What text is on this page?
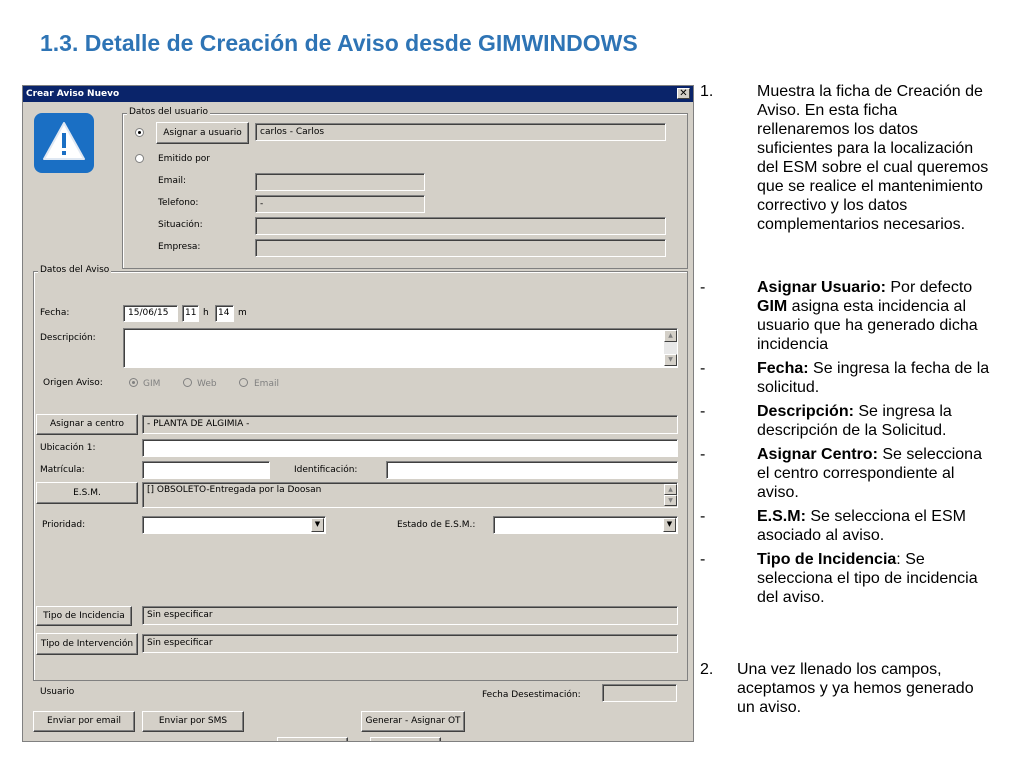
1.3. Detalle de Creación de Aviso desde GIMWINDOWS
Crear Aviso Nuevo	✕
Datos del usuario
Asignar a usuario	carlos - Carlos
Emitido por
Email:
Telefono:	-
Situación:
Empresa:
Datos del Aviso
Fecha:	15/06/15	11 h	14 m
Descripción:	▲
▼
Origen Aviso:	GIM	Web	Email
Asignar a centro	- PLANTA DE ALGIMIA -
Ubicación 1:
Matrícula:	Identificación:
E.S.M.	[] OBSOLETO-Entregada por la Doosan	▲
▼
Prioridad:	▼	Estado de E.S.M.:	▼
Tipo de Incidencia	Sin especificar
Tipo de Intervención	Sin especificar
Usuario	Fecha Desestimación:
Enviar por email	Enviar por SMS	Generar - Asignar OT
1.	Muestra la ficha de Creación de Aviso. En esta ficha rellenaremos los datos suficientes para la localización del ESM sobre el cual queremos que se realice el mantenimiento correctivo y los datos complementarios necesarios.
-	Asignar Usuario: Por defecto GIM asigna esta incidencia al usuario que ha generado dicha incidencia
-	Fecha: Se ingresa la fecha de la solicitud.
-	Descripción: Se ingresa la descripción de la Solicitud.
-	Asignar Centro: Se selecciona el centro correspondiente al aviso.
-	E.S.M: Se selecciona el ESM asociado al aviso.
-	Tipo de Incidencia: Se selecciona el tipo de incidencia del aviso.
2. Una vez llenado los campos, aceptamos y ya hemos generado un aviso.
